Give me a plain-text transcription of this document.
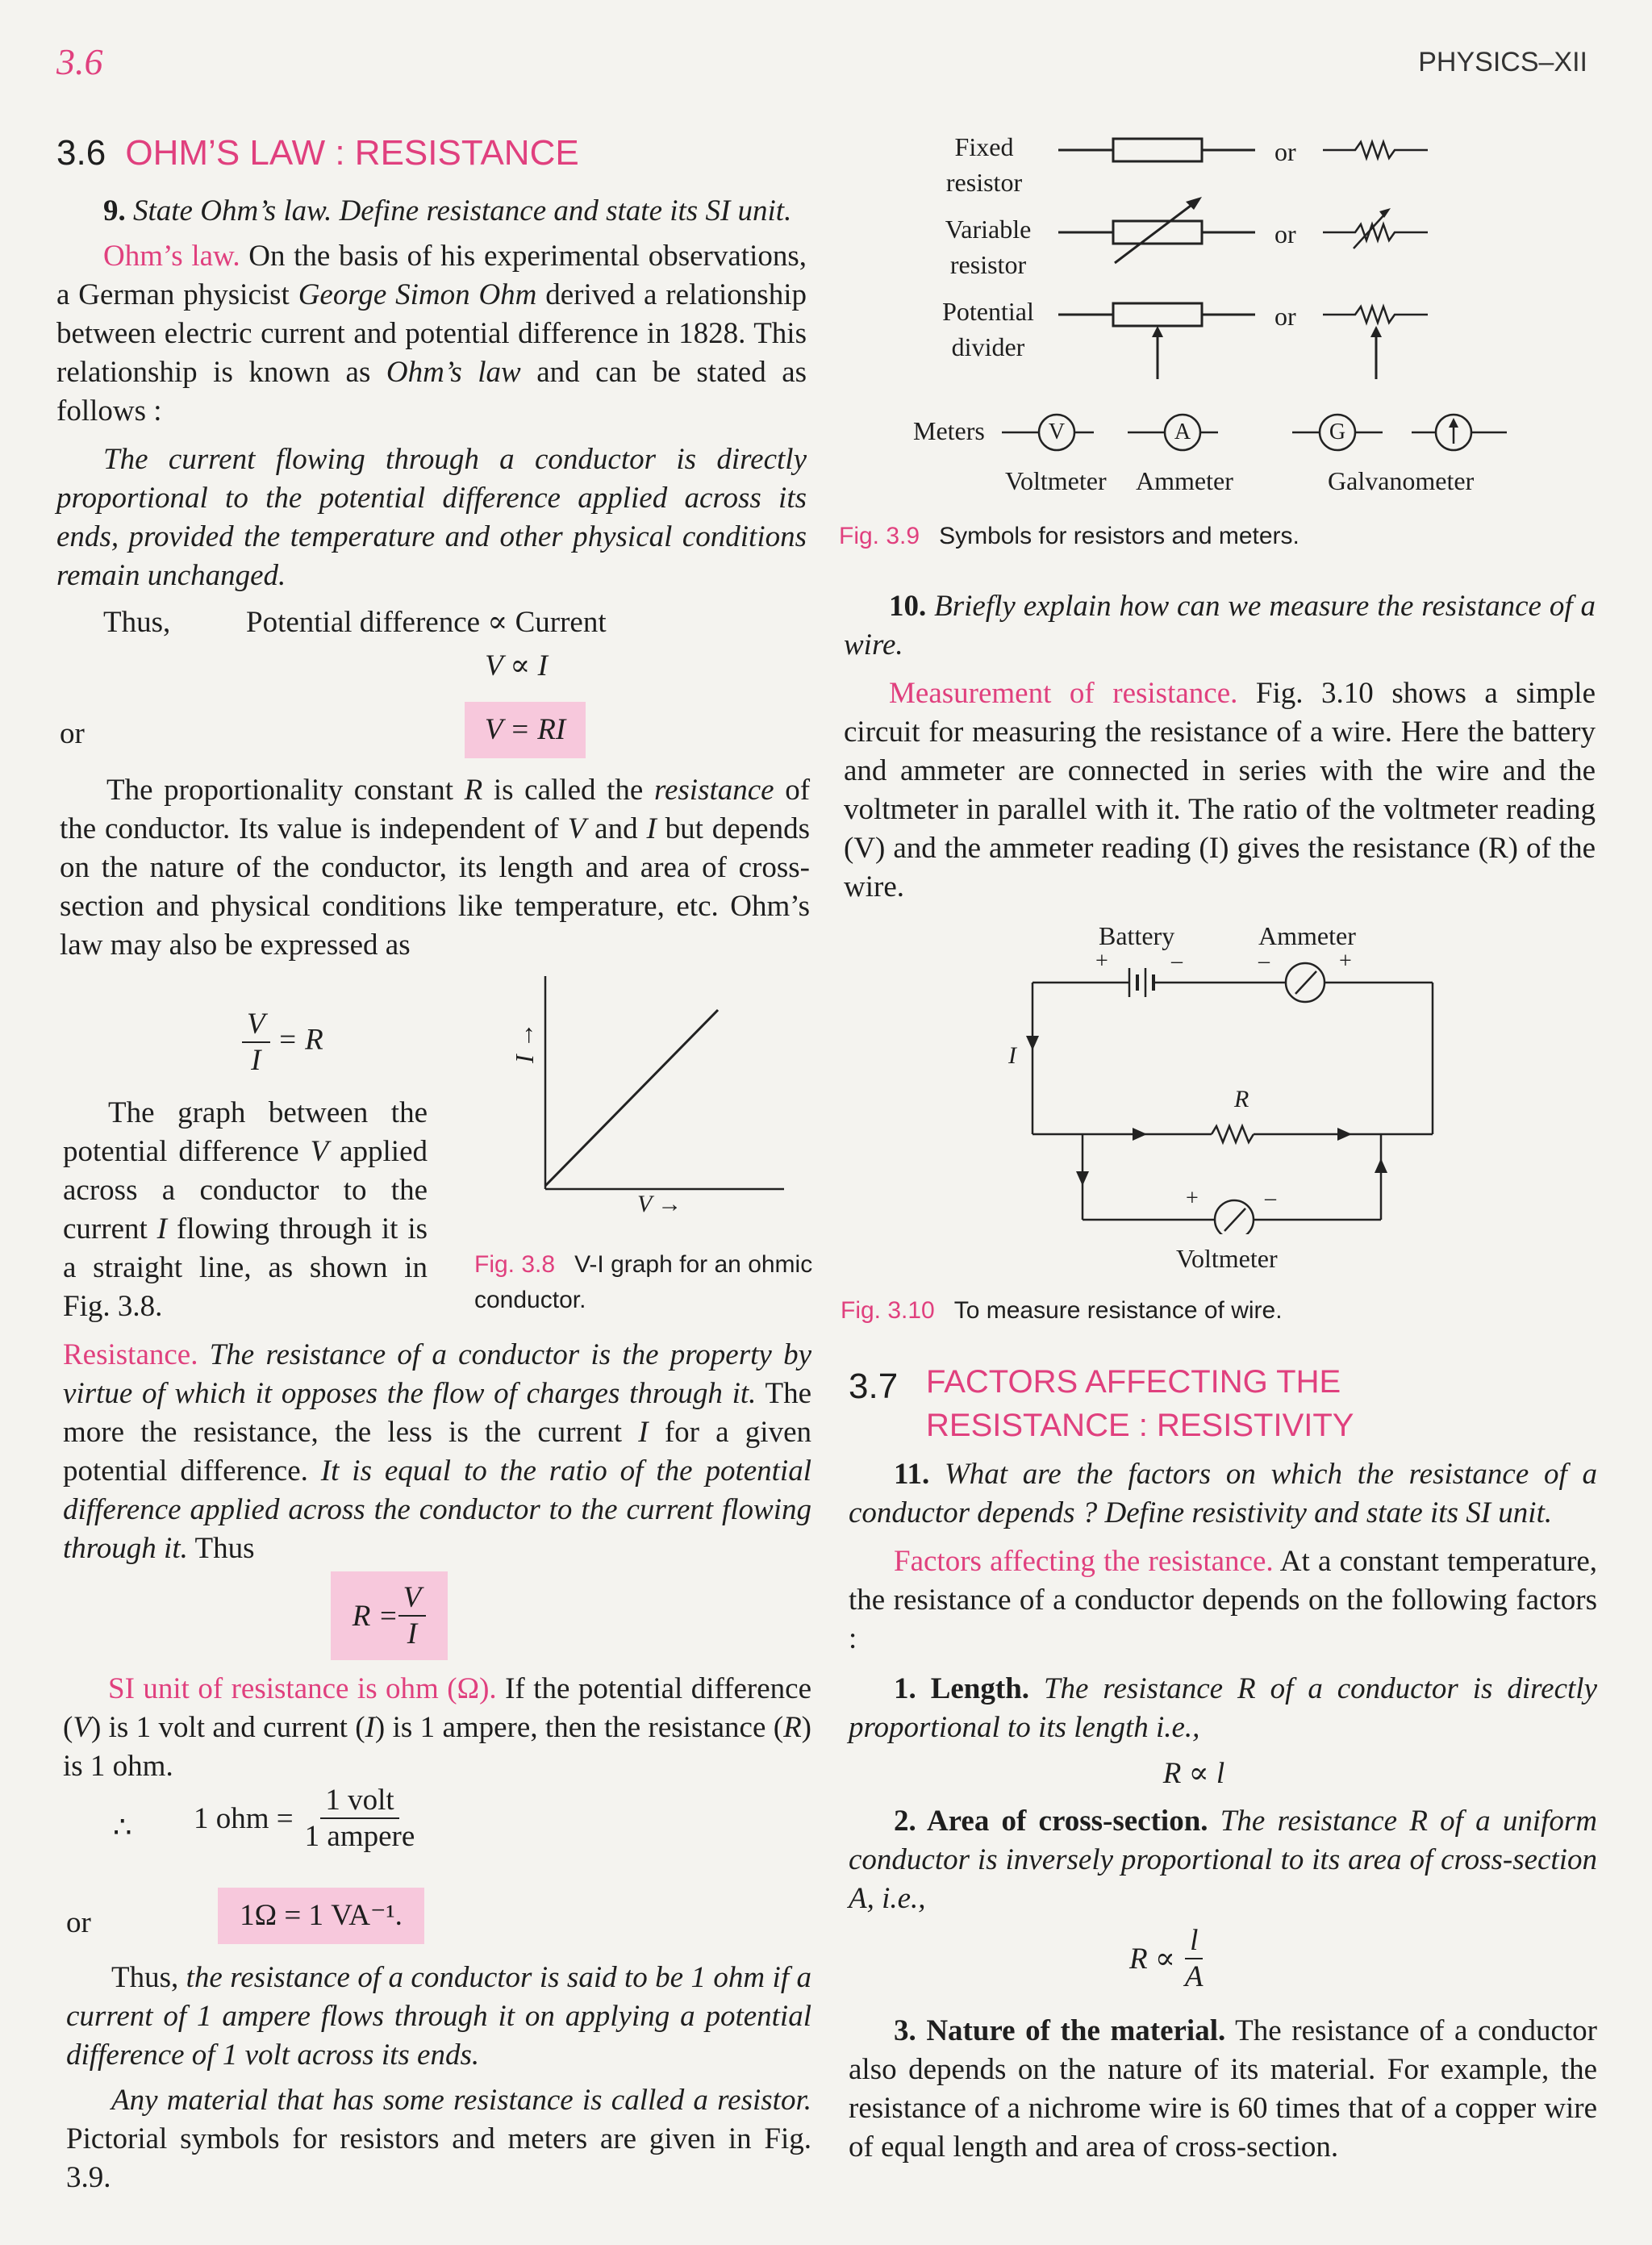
3.6	PHYSICS–XII
3.6 OHM’S LAW : RESISTANCE
9. State Ohm’s law. Define resistance and state its SI unit.
Ohm’s law. On the basis of his experimental observations, a German physicist George Simon Ohm derived a relationship between electric current and potential difference in 1828. This relationship is known as Ohm’s law and can be stated as follows :
The current flowing through a conductor is directly proportional to the potential difference applied across its ends, provided the temperature and other physical conditions remain unchanged.
Thus,	Potential difference ∝ Current
V ∝ I
or	V = RI
The proportionality constant R is called the resistance of the conductor. Its value is independent of V and I but depends on the nature of the conductor, its length and area of cross-section and physical conditions like temperature, etc. Ohm’s law may also be expressed as
$\frac{V}{I} = R$
The graph between the potential difference V applied across a conductor to the current I flowing through it is a straight line, as shown in Fig. 3.8.
I →
V →
Fig. 3.8 V-I graph for an ohmic conductor.
Resistance. The resistance of a conductor is the property by virtue of which it opposes the flow of charges through it. The more the resistance, the less is the current I for a given potential difference. It is equal to the ratio of the potential difference applied across the conductor to the current flowing through it. Thus
$R = \frac{V}{I}$
SI unit of resistance is ohm (Ω). If the potential difference (V) is 1 volt and current (I) is 1 ampere, then the resistance (R) is 1 ohm.
∴ 1 ohm = $\frac{\text{1 volt}}{\text{1 ampere}}$
or	1Ω = 1 VA⁻¹.
Thus, the resistance of a conductor is said to be 1 ohm if a current of 1 ampere flows through it on applying a potential difference of 1 volt across its ends.
Any material that has some resistance is called a resistor. Pictorial symbols for resistors and meters are given in Fig. 3.9.
Fixed
resistor
Variable
resistor
Potential
divider
or
or
or
Meters	V	A	G
Voltmeter Ammeter	Galvanometer
Fig. 3.9 Symbols for resistors and meters.
10. Briefly explain how can we measure the resistance of a wire.
Measurement of resistance. Fig. 3.10 shows a simple circuit for measuring the resistance of a wire. Here the battery and ammeter are connected in series with the wire and the voltmeter in parallel with it. The ratio of the voltmeter reading (V) and the ammeter reading (I) gives the resistance (R) of the wire.
Battery	Ammeter
+	–	–	+
I
R
+	–
Voltmeter
Fig. 3.10 To measure resistance of wire.
3.7 FACTORS AFFECTING THE
RESISTANCE : RESISTIVITY
11. What are the factors on which the resistance of a conductor depends ? Define resistivity and state its SI unit.
Factors affecting the resistance. At a constant temperature, the resistance of a conductor depends on the following factors :
1. Length. The resistance R of a conductor is directly proportional to its length i.e.,
R ∝ l
2. Area of cross-section. The resistance R of a uniform conductor is inversely proportional to its area of cross-section A, i.e.,
$R \propto \frac{l}{A}$
3. Nature of the material. The resistance of a conductor also depends on the nature of its material. For example, the resistance of a nichrome wire is 60 times that of a copper wire of equal length and area of cross-section.
